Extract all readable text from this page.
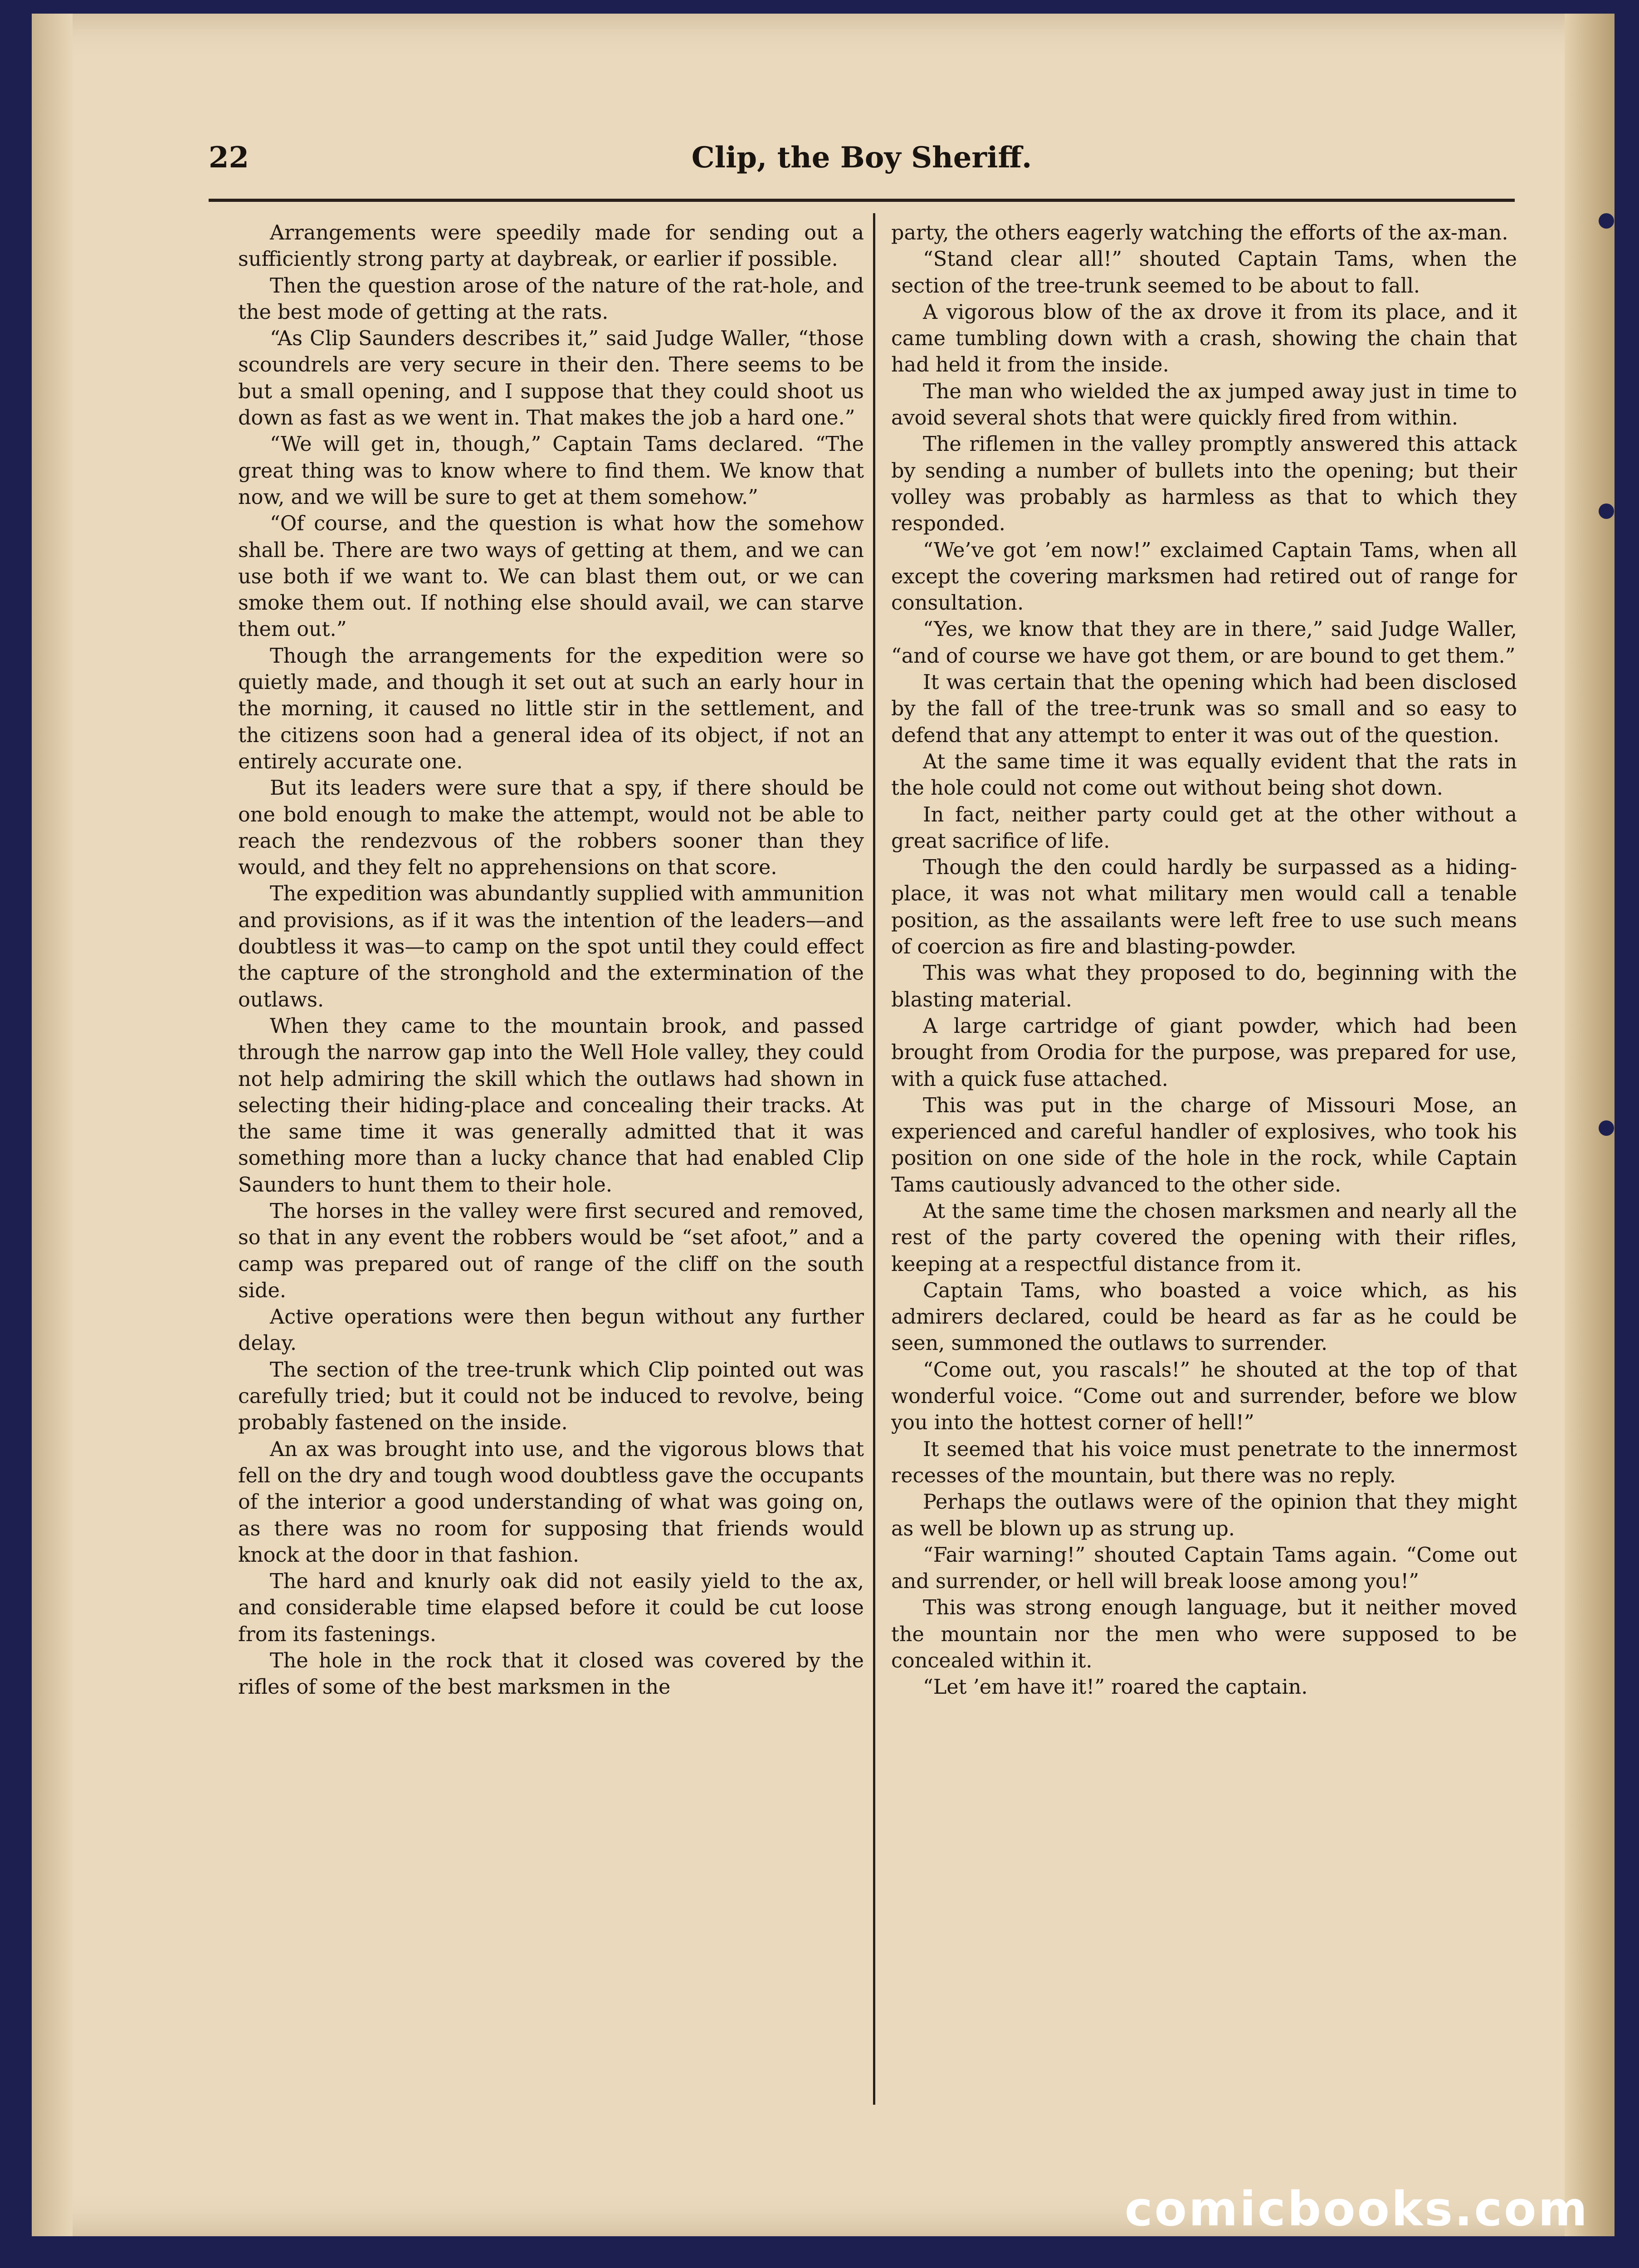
22	Clip, the Boy Sheriff.

Arrangements were speedily made for sending out a sufficiently strong party at daybreak, or earlier if possible.

Then the question arose of the nature of the rat-hole, and the best mode of getting at the rats.

“As Clip Saunders describes it,” said Judge Waller, “those scoundrels are very secure in their den. There seems to be but a small opening, and I suppose that they could shoot us down as fast as we went in. That makes the job a hard one.”

“We will get in, though,” Captain Tams declared. “The great thing was to know where to find them. We know that now, and we will be sure to get at them somehow.”

“Of course, and the question is what how the somehow shall be. There are two ways of getting at them, and we can use both if we want to. We can blast them out, or we can smoke them out. If nothing else should avail, we can starve them out.”

Though the arrangements for the expedition were so quietly made, and though it set out at such an early hour in the morning, it caused no little stir in the settlement, and the citizens soon had a general idea of its object, if not an entirely accurate one.

But its leaders were sure that a spy, if there should be one bold enough to make the attempt, would not be able to reach the rendezvous of the robbers sooner than they would, and they felt no apprehensions on that score.

The expedition was abundantly supplied with ammunition and provisions, as if it was the intention of the leaders—and doubtless it was—to camp on the spot until they could effect the capture of the stronghold and the extermination of the outlaws.

When they came to the mountain brook, and passed through the narrow gap into the Well Hole valley, they could not help admiring the skill which the outlaws had shown in selecting their hiding-place and concealing their tracks. At the same time it was generally admitted that it was something more than a lucky chance that had enabled Clip Saunders to hunt them to their hole.

The horses in the valley were first secured and removed, so that in any event the robbers would be “set afoot,” and a camp was prepared out of range of the cliff on the south side.

Active operations were then begun without any further delay.

The section of the tree-trunk which Clip pointed out was carefully tried; but it could not be induced to revolve, being probably fastened on the inside.

An ax was brought into use, and the vigorous blows that fell on the dry and tough wood doubtless gave the occupants of the interior a good understanding of what was going on, as there was no room for supposing that friends would knock at the door in that fashion.

The hard and knurly oak did not easily yield to the ax, and considerable time elapsed before it could be cut loose from its fastenings.

The hole in the rock that it closed was covered by the rifles of some of the best marksmen in the

party, the others eagerly watching the efforts of the ax-man.

“Stand clear all!” shouted Captain Tams, when the section of the tree-trunk seemed to be about to fall.

A vigorous blow of the ax drove it from its place, and it came tumbling down with a crash, showing the chain that had held it from the inside.

The man who wielded the ax jumped away just in time to avoid several shots that were quickly fired from within.

The riflemen in the valley promptly answered this attack by sending a number of bullets into the opening; but their volley was probably as harmless as that to which they responded.

“We’ve got ’em now!” exclaimed Captain Tams, when all except the covering marksmen had retired out of range for consultation.

“Yes, we know that they are in there,” said Judge Waller, “and of course we have got them, or are bound to get them.”

It was certain that the opening which had been disclosed by the fall of the tree-trunk was so small and so easy to defend that any attempt to enter it was out of the question.

At the same time it was equally evident that the rats in the hole could not come out without being shot down.

In fact, neither party could get at the other without a great sacrifice of life.

Though the den could hardly be surpassed as a hiding-place, it was not what military men would call a tenable position, as the assailants were left free to use such means of coercion as fire and blasting-powder.

This was what they proposed to do, beginning with the blasting material.

A large cartridge of giant powder, which had been brought from Orodia for the purpose, was prepared for use, with a quick fuse attached.

This was put in the charge of Missouri Mose, an experienced and careful handler of explosives, who took his position on one side of the hole in the rock, while Captain Tams cautiously advanced to the other side.

At the same time the chosen marksmen and nearly all the rest of the party covered the opening with their rifles, keeping at a respectful distance from it.

Captain Tams, who boasted a voice which, as his admirers declared, could be heard as far as he could be seen, summoned the outlaws to surrender.

“Come out, you rascals!” he shouted at the top of that wonderful voice. “Come out and surrender, before we blow you into the hottest corner of hell!”

It seemed that his voice must penetrate to the innermost recesses of the mountain, but there was no reply.

Perhaps the outlaws were of the opinion that they might as well be blown up as strung up.

“Fair warning!” shouted Captain Tams again. “Come out and surrender, or hell will break loose among you!”

This was strong enough language, but it neither moved the mountain nor the men who were supposed to be concealed within it.

“Let ’em have it!” roared the captain.

comicbooks.com
